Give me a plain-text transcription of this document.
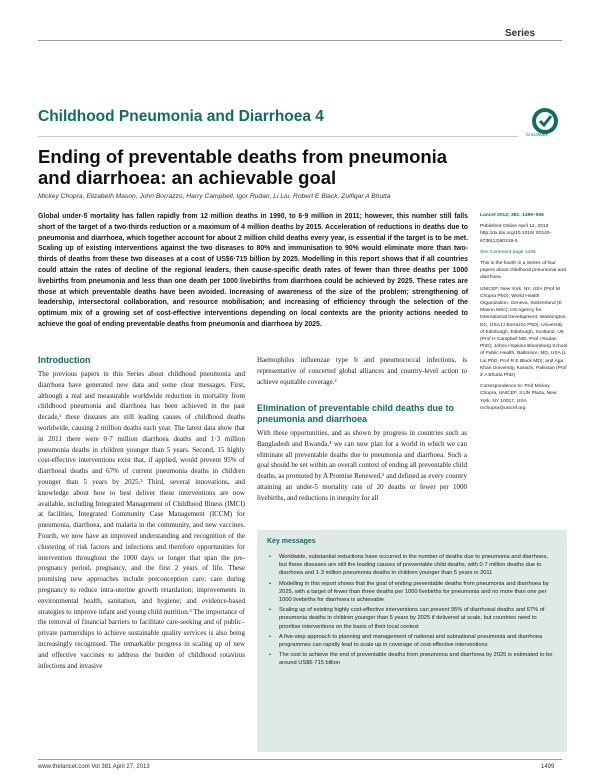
Series
Childhood Pneumonia and Diarrhoea 4
CrossMark
Ending of preventable deaths from pneumonia and diarrhoea: an achievable goal
Mickey Chopra, Elizabeth Mason, John Borrazzo, Harry Campbell, Igor Rudan, Li Liu, Robert E Black, Zulfiqar A Bhutta

Global under-5 mortality has fallen rapidly from 12 million deaths in 1990, to 6·9 million in 2011; however, this number still falls short of the target of a two-thirds reduction or a maximum of 4 million deaths by 2015. Acceleration of reductions in deaths due to pneumonia and diarrhoea, which together account for about 2 million child deaths every year, is essential if the target is to be met. Scaling up of existing interventions against the two diseases to 80% and immunisation to 90% would eliminate more than two-thirds of deaths from these two diseases at a cost of US$6·715 billion by 2025. Modelling in this report shows that if all countries could attain the rates of decline of the regional leaders, then cause-specific death rates of fewer than three deaths per 1000 livebirths from pneumonia and less than one death per 1000 livebirths from diarrhoea could be achieved by 2025. These rates are those at which preventable deaths have been avoided. Increasing of awareness of the size of the problem; strengthening of leadership, intersectoral collaboration, and resource mobilisation; and increasing of efficiency through the selection of the optimum mix of a growing set of cost-effective interventions depending on local contexts are the priority actions needed to achieve the goal of ending preventable deaths from pneumonia and diarrhoea by 2025.

Lancet 2013; 381: 1499–506

Published Online April 12, 2013 http://dx.doi.org/10.1016/ S0140-6736(13)60319-0

See Comment page 1436

This is the fourth in a Series of four papers about childhood pneumonia and diarrhoea

UNICEF, New York, NY, USA (Prof M Chopra PhD); World Health Organization, Geneva, Switzerland (E Mason MSc); US Agency for International Development, Washington, DC, USA (J Borrazzo PhD); University of Edinburgh, Edinburgh, Scotland, UK (Prof H Campbell MD, Prof I Rudan PhD); Johns Hopkins Bloomberg School of Public Health, Baltimore, MD, USA (L Liu PhD, Prof R E Black MD); and Aga Khan University, Karachi, Pakistan (Prof Z A Bhutta PhD)

Correspondence to: Prof Mickey Chopra, UNICEF, 3 UN Plaza, New York, NY 10017, USA mchopra@unicef.org

Introduction

The previous papers in this Series about childhood pneumonia and diarrhoea have generated new data and some clear messages. First, although a real and measurable worldwide reduction in mortality from childhood pneumonia and diarrhoea has been achieved in the past decade,¹ these diseases are still leading causes of childhood deaths worldwide, causing 2 million deaths each year. The latest data show that in 2011 there were 0·7 million diarrhoea deaths and 1·3 million pneumonia deaths in children younger than 5 years. Second, 15 highly cost-effective interventions exist that, if applied, would prevent 95% of diarrhoeal deaths and 67% of current pneumonia deaths in children younger than 5 years by 2025.² Third, several innovations, and knowledge about how to best deliver these interventions are now available, including Integrated Management of Childhood Illness (IMCI) at facilities, Integrated Community Case Management (ICCM) for pneumonia, diarrhoea, and malaria in the community, and new vaccines. Fourth, we now have an improved understanding and recognition of the clustering of risk factors and infections and therefore opportunities for intervention throughout the 1000 days or longer that span the pre-pregnancy period, pregnancy, and the first 2 years of life. These promising new approaches include preconception care; care during pregnancy to reduce intra-uterine growth retardation; improvements in environmental health, sanitation, and hygiene; and evidence-based strategies to improve infant and young child nutrition.³ The importance of the removal of financial barriers to facilitate care-seeking and of public–private partnerships to achieve sustainable quality services is also being increasingly recognised. The remarkable progress in scaling up of new and effective vaccines to address the burden of childhood rotavirus infections and invasive

Haemophilus influenzae type b and pneumococcal infections, is representative of concerted global alliances and country-level action to achieve equitable coverage.²

Elimination of preventable child deaths due to pneumonia and diarrhoea

With these opportunities, and as shown by progress in countries such as Bangladesh and Rwanda,⁴ we can now plan for a world in which we can eliminate all preventable deaths due to pneumonia and diarrhoea. Such a goal should be set within an overall context of ending all preventable child deaths, as promoted by A Promise Renewed,⁵ and defined as every country attaining an under-5 mortality rate of 20 deaths or fewer per 1000 livebirths, and reductions in inequity for all

Key messages
• Worldwide, substantial reductions have occurred in the number of deaths due to pneumonia and diarrhoea, but these diseases are still the leading causes of preventable child deaths, with 0·7 million deaths due to diarrhoea and 1·3 million pneumonia deaths in children younger than 5 years in 2011
• Modelling in this report shows that the goal of ending preventable deaths from pneumonia and diarrhoea by 2025, with a target of fewer than three deaths per 1000 livebirths for pneumonia and no more than one per 1000 livebirths for diarrhoea is achievable
• Scaling up of existing highly cost-effective interventions can prevent 95% of diarrhoeal deaths and 67% of pneumonia deaths in children younger than 5 years by 2025 if delivered at scale, but countries need to prioritise interventions on the basis of their local context
• A five-step approach to planning and management of national and subnational pneumonia and diarrhoea programmes can rapidly lead to scale up in coverage of cost-effective interventions
• The cost to achieve the end of preventable deaths from pneumonia and diarrhoea by 2025 is estimated to be around US$6·715 billion
www.thelancet.com Vol 381 April 27, 2013	1499
